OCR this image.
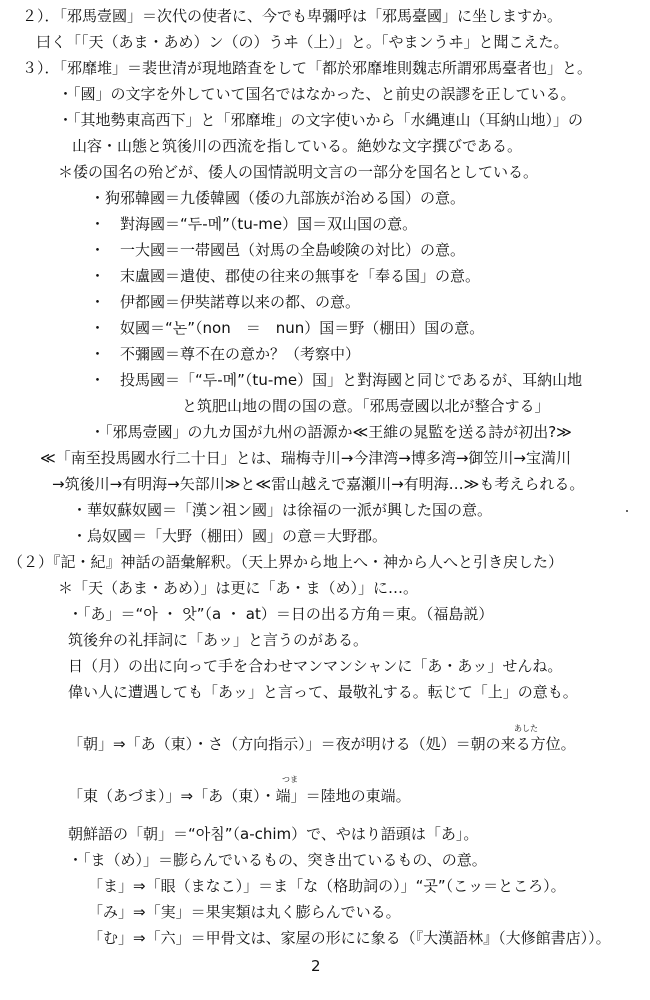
２）．「邪馬壹國」＝次代の使者に、今でも卑彌呼は「邪馬臺國」に坐しますか。
曰く「「天（あま・あめ）ン（の）うヰ（上）」と。「やまンうヰ」と聞こえた。
３）．「邪靡堆」＝裴世清が現地踏査をして「都於邪靡堆則魏志所謂邪馬臺者也」と。
・「國」の文字を外していて国名ではなかった、と前史の誤謬を正している。
・「其地勢東高西下」と「邪靡堆」の文字使いから「水縄連山（耳納山地）」の
山容・山態と筑後川の西流を指している。絶妙な文字撰びである。
＊倭の国名の殆どが、倭人の国情説明文言の一部分を国名としている。
・狗邪韓國＝九倭韓國（倭の九部族が治める国）の意。
・　對海國＝“두-메”（tu-me）国＝双山国の意。
・　一大國＝一帯國邑（対馬の全島峻険の対比）の意。
・　末盧國＝遣使、郡使の往来の無事を「奉る国」の意。
・　伊都國＝伊奘諾尊以来の都、の意。
・　奴國＝“논”（non　＝　nun）国＝野（棚田）国の意。
・　不彌國＝尊不在の意か？（考察中）
・　投馬國＝「“두-메”（tu-me）国」と對海國と同じであるが、耳納山地
と筑肥山地の間の国の意。「邪馬壹國以北が整合する」
・「邪馬壹國」の九カ国が九州の語源か≪王維の晁監を送る詩が初出?≫
≪「南至投馬國水行二十日」とは、瑞梅寺川→今津湾→博多湾→御笠川→宝満川
→筑後川→有明海→矢部川≫と≪雷山越えで嘉瀬川→有明海…≫も考えられる。
・華奴蘇奴國＝「漢ン祖ン國」は徐福の一派が興した国の意。
・烏奴國＝「大野（棚田）國」の意＝大野郡。
（２）『記・紀』神話の語彙解釈。（天上界から地上へ・神から人へと引き戻した）
＊「天（あま・あめ）」は更に「あ・ま（め）」に…。
・「あ」＝“아 ・ 앗”（a ・ at）＝日の出る方角＝東。（福島説）
筑後弁の礼拝詞に「あッ」と言うのがある。
日（月）の出に向って手を合わせマンマンシャンに「あ・あッ」せんね。
偉い人に遭遇しても「あッ」と言って、最敬礼する。転じて「上」の意も。
あした
「朝」⇒「あ（東）・さ（方向指示）」＝夜が明ける（処）＝朝の来る方位。
つま
「東（あづま）」⇒「あ（東）・端」＝陸地の東端。
朝鮮語の「朝」＝“아침”（a-chim）で、やはり語頭は「あ」。
・「ま（め）」＝膨らんでいるもの、突き出ているもの、の意。
「ま」⇒「眼（まなこ）」＝ま「な（格助詞の）」“곳”（こッ＝ところ）。
「み」⇒「実」＝果実類は丸く膨らんでいる。
「む」⇒「六」＝甲骨文は、家屋の形にに象る（『大漢語林』（大修館書店））。
2
